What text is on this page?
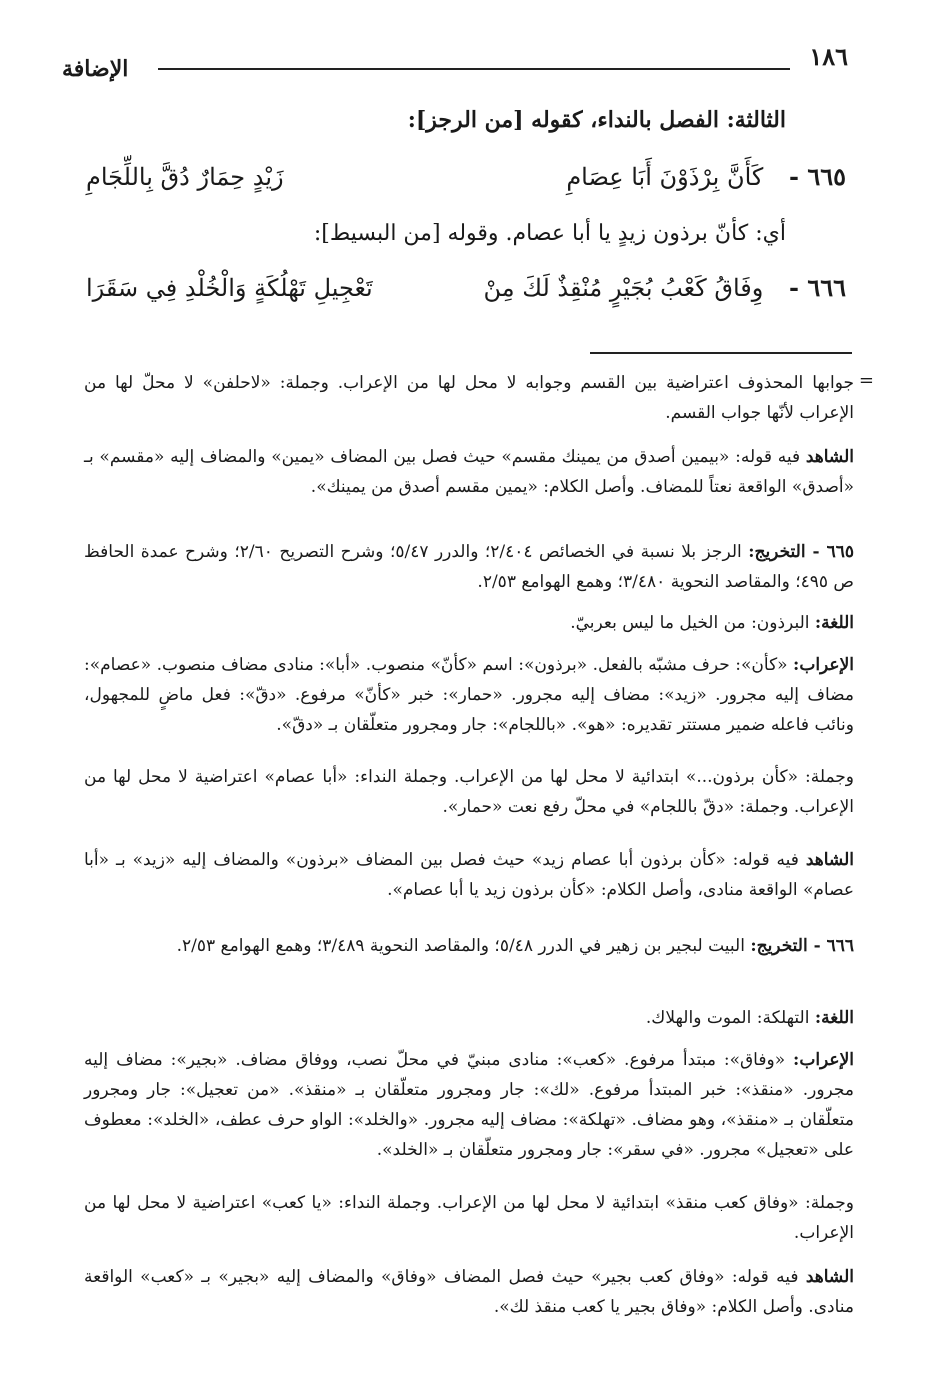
١٨٦
الإضافة
الثالثة: الفصل بالنداء، كقوله [من الرجز]:
٦٦٥ - كَأَنَّ بِرْذَوْنَ أَبَا عِصَامِ
زَيْدٍ حِمَارٌ دُقَّ بِاللِّجَامِ
أي: كأنّ برذون زيدٍ يا أبا عصام. وقوله [من البسيط]:
٦٦٦ - وِفَاقُ كَعْبُ بُجَيْرٍ مُنْقِذٌ لَكَ مِنْ
تَعْجِيلِ تَهْلُكَةٍ وَالْخُلْدِ فِي سَقَرَا
=
جوابها المحذوف اعتراضية بين القسم وجوابه لا محل لها من الإعراب. وجملة: «لاحلفن» لا محلّ لها من الإعراب لأنّها جواب القسم.
الشاهد فيه قوله: «بيمين أصدق من يمينك مقسم» حيث فصل بين المضاف «يمين» والمضاف إليه «مقسم» بـ «أصدق» الواقعة نعتاً للمضاف. وأصل الكلام: «يمين مقسم أصدق من يمينك».
٦٦٥ - التخريج: الرجز بلا نسبة في الخصائص ٢/٤٠٤؛ والدرر ٥/٤٧؛ وشرح التصريح ٢/٦٠؛ وشرح عمدة الحافظ ص ٤٩٥؛ والمقاصد النحوية ٣/٤٨٠؛ وهمع الهوامع ٢/٥٣.
اللغة: البرذون: من الخيل ما ليس بعربيّ.
الإعراب: «كأن»: حرف مشبّه بالفعل. «برذون»: اسم «كأنّ» منصوب. «أبا»: منادى مضاف منصوب. «عصام»: مضاف إليه مجرور. «زيد»: مضاف إليه مجرور. «حمار»: خبر «كأنّ» مرفوع. «دقّ»: فعل ماضٍ للمجهول، ونائب فاعله ضمير مستتر تقديره: «هو». «باللجام»: جار ومجرور متعلّقان بـ «دقّ».
وجملة: «كأن برذون...» ابتدائية لا محل لها من الإعراب. وجملة النداء: «أبا عصام» اعتراضية لا محل لها من الإعراب. وجملة: «دقّ باللجام» في محلّ رفع نعت «حمار».
الشاهد فيه قوله: «كأن برذون أبا عصام زيد» حيث فصل بين المضاف «برذون» والمضاف إليه «زيد» بـ «أبا عصام» الواقعة منادى، وأصل الكلام: «كأن برذون زيد يا أبا عصام».
٦٦٦ - التخريج: البيت لبجير بن زهير في الدرر ٥/٤٨؛ والمقاصد النحوية ٣/٤٨٩؛ وهمع الهوامع ٢/٥٣.
اللغة: التهلكة: الموت والهلاك.
الإعراب: «وفاق»: مبتدأ مرفوع. «كعب»: منادى مبنيّ في محلّ نصب، ووفاق مضاف. «بجير»: مضاف إليه مجرور. «منقذ»: خبر المبتدأ مرفوع. «لك»: جار ومجرور متعلّقان بـ «منقذ». «من تعجيل»: جار ومجرور متعلّقان بـ «منقذ»، وهو مضاف. «تهلكة»: مضاف إليه مجرور. «والخلد»: الواو حرف عطف، «الخلد»: معطوف على «تعجيل» مجرور. «في سقر»: جار ومجرور متعلّقان بـ «الخلد».
وجملة: «وفاق كعب منقذ» ابتدائية لا محل لها من الإعراب. وجملة النداء: «يا كعب» اعتراضية لا محل لها من الإعراب.
الشاهد فيه قوله: «وفاق كعب بجير» حيث فصل المضاف «وفاق» والمضاف إليه «بجير» بـ «كعب» الواقعة منادى. وأصل الكلام: «وفاق بجير يا كعب منقذ لك».
